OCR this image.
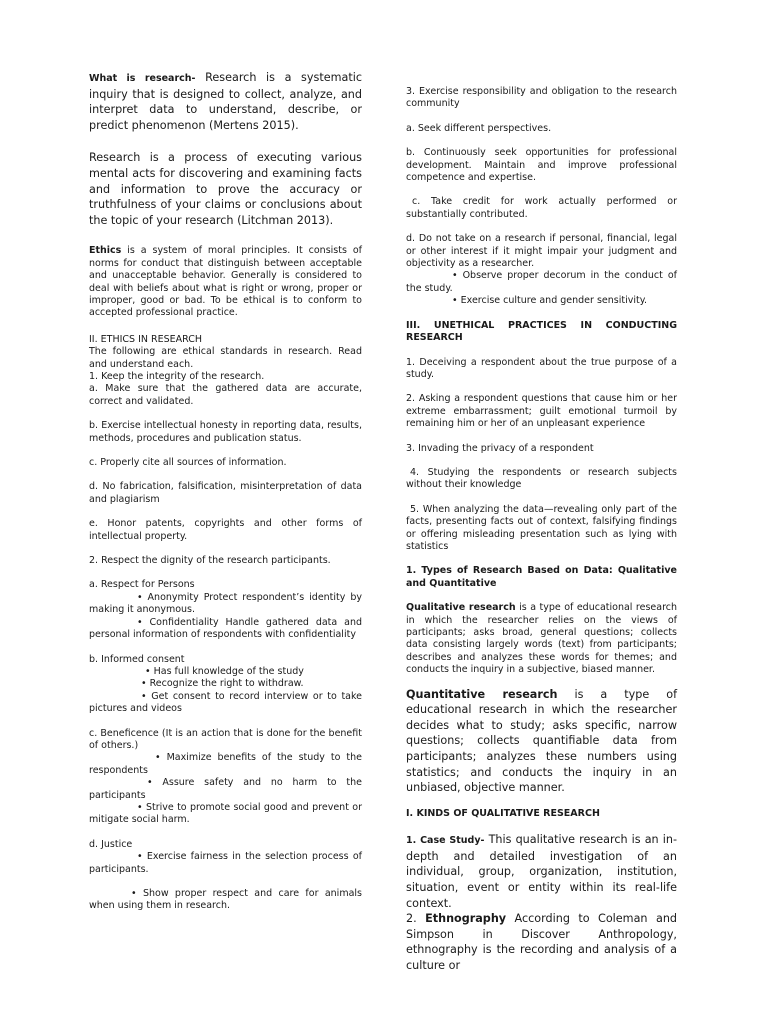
What is research- Research is a systematic inquiry that is designed to collect, analyze, and interpret data to understand, describe, or predict phenomenon (Mertens 2015).

Research is a process of executing various mental acts for discovering and examining facts and information to prove the accuracy or truthfulness of your claims or conclusions about the topic of your research (Litchman 2013).

Ethics is a system of moral principles. It consists of norms for conduct that distinguish between acceptable and unacceptable behavior. Generally is considered to deal with beliefs about what is right or wrong, proper or improper, good or bad. To be ethical is to conform to accepted professional practice.

II. ETHICS IN RESEARCH

The following are ethical standards in research. Read and understand each.

1. Keep the integrity of the research.

a. Make sure that the gathered data are accurate, correct and validated.

b. Exercise intellectual honesty in reporting data, results, methods, procedures and publication status.

c. Properly cite all sources of information.

d. No fabrication, falsification, misinterpretation of data and plagiarism

e. Honor patents, copyrights and other forms of intellectual property.

2. Respect the dignity of the research participants.

a. Respect for Persons

• Anonymity Protect respondent’s identity by making it anonymous.

• Confidentiality Handle gathered data and personal information of respondents with confidentiality

b. Informed consent

• Has full knowledge of the study

• Recognize the right to withdraw.

• Get consent to record interview or to take pictures and videos

c. Beneficence (It is an action that is done for the benefit of others.)

• Maximize benefits of the study to the respondents

• Assure safety and no harm to the participants

• Strive to promote social good and prevent or mitigate social harm.

d. Justice

• Exercise fairness in the selection process of participants.

• Show proper respect and care for animals when using them in research.

3. Exercise responsibility and obligation to the research community

a. Seek different perspectives.

b. Continuously seek opportunities for professional development. Maintain and improve professional competence and expertise.

c. Take credit for work actually performed or substantially contributed.

d. Do not take on a research if personal, financial, legal or other interest if it might impair your judgment and objectivity as a researcher.

• Observe proper decorum in the conduct of the study.

• Exercise culture and gender sensitivity.

III. UNETHICAL PRACTICES IN CONDUCTING RESEARCH

1. Deceiving a respondent about the true purpose of a study.

2. Asking a respondent questions that cause him or her extreme embarrassment; guilt emotional turmoil by remaining him or her of an unpleasant experience

3. Invading the privacy of a respondent

4. Studying the respondents or research subjects without their knowledge

5. When analyzing the data—revealing only part of the facts, presenting facts out of context, falsifying findings or offering misleading presentation such as lying with statistics

1. Types of Research Based on Data: Qualitative and Quantitative

Qualitative research is a type of educational research in which the researcher relies on the views of participants; asks broad, general questions; collects data consisting largely words (text) from participants; describes and analyzes these words for themes; and conducts the inquiry in a subjective, biased manner.

Quantitative research is a type of educational research in which the researcher decides what to study; asks specific, narrow questions; collects quantifiable data from participants; analyzes these numbers using statistics; and conducts the inquiry in an unbiased, objective manner.

I. KINDS OF QUALITATIVE RESEARCH

1. Case Study- This qualitative research is an in-depth and detailed investigation of an individual, group, organization, institution, situation, event or entity within its real-life context.

2. Ethnography According to Coleman and Simpson in Discover Anthropology, ethnography is the recording and analysis of a culture or
